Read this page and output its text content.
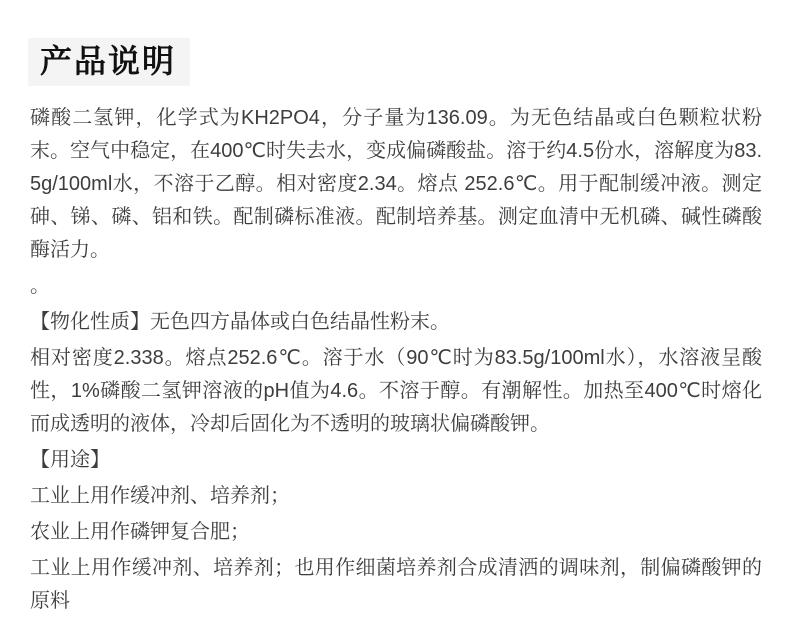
产品说明

磷酸二氢钾，化学式为KH2PO4，分子量为136.09。为无色结晶或白色颗粒状粉末。空气中稳定，在400℃时失去水，变成偏磷酸盐。溶于约4.5份水，溶解度为83.5g/100ml水，不溶于乙醇。相对密度2.34。熔点 252.6℃。用于配制缓冲液。测定砷、锑、磷、铝和铁。配制磷标准液。配制培养基。测定血清中无机磷、碱性磷酸酶活力。

。

【物化性质】无色四方晶体或白色结晶性粉末。

相对密度2.338。熔点252.6℃。溶于水（90℃时为83.5g/100ml水），水溶液呈酸性，1%磷酸二氢钾溶液的pH值为4.6。不溶于醇。有潮解性。加热至400℃时熔化而成透明的液体，冷却后固化为不透明的玻璃状偏磷酸钾。

【用途】

工业上用作缓冲剂、培养剂；

农业上用作磷钾复合肥；

工业上用作缓冲剂、培养剂；也用作细菌培养剂合成清洒的调味剂，制偏磷酸钾的原料
